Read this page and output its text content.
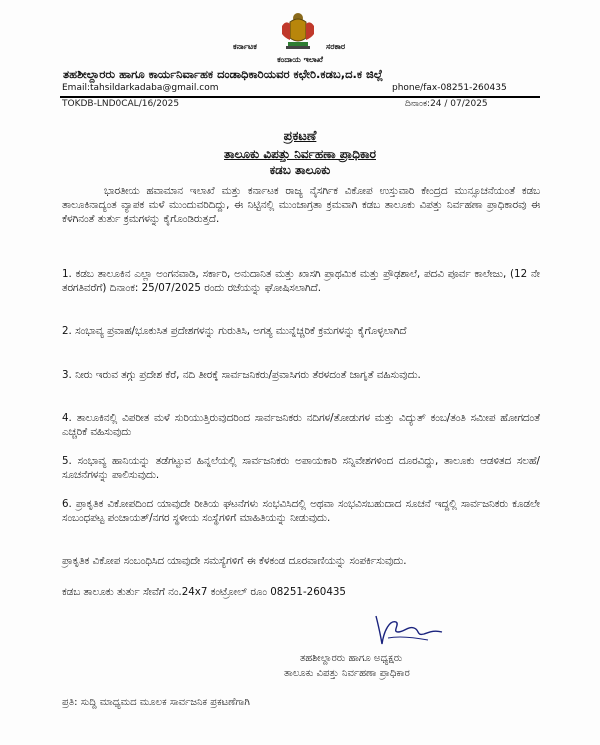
ಕರ್ನಾಟಕ	ಸರಕಾರ
ಕಂದಾಯ ಇಲಾಖೆ
ತಹಶೀಲ್ದಾರರು ಹಾಗೂ ಕಾರ್ಯನಿರ್ವಾಹಕ ದಂಡಾಧಿಕಾರಿಯವರ ಕಛೇರಿ.ಕಡಬ,ದ.ಕ ಜಿಲ್ಲೆ
Email:tahsildarkadaba@gmail.com	phone/fax-08251-260435
TOKDB-LND0CAL/16/2025	ದಿನಾಂಕ:24 / 07/2025
ಪ್ರಕಟಣೆ
ತಾಲೂಕು ವಿಪತ್ತು ನಿರ್ವಹಣಾ ಪ್ರಾಧಿಕಾರ
ಕಡಬ ತಾಲೂಕು
ಭಾರತೀಯ ಹವಾಮಾನ ಇಲಾಖೆ ಮತ್ತು ಕರ್ನಾಟಕ ರಾಜ್ಯ ನೈಸರ್ಗಿಕ ವಿಕೋಪ ಉಸ್ತುವಾರಿ ಕೇಂದ್ರದ ಮುನ್ಸೂಚನೆಯಂತೆ ಕಡಬ ತಾಲೂಕಿನಾದ್ಯಂತ ವ್ಯಾಪಕ ಮಳೆ ಮುಂದುವರಿದಿದ್ದು, ಈ ನಿಟ್ಟಿನಲ್ಲಿ ಮುಂಜಾಗ್ರತಾ ಕ್ರಮವಾಗಿ ಕಡಬ ತಾಲೂಕು ವಿಪತ್ತು ನಿರ್ವಹಣಾ ಪ್ರಾಧಿಕಾರವು ಈ ಕೆಳಗಿನಂತೆ ತುರ್ತು ಕ್ರಮಗಳನ್ನು ಕೈಗೊಂಡಿರುತ್ತದೆ.
1. ಕಡಬ ತಾಲೂಕಿನ ಎಲ್ಲಾ ಅಂಗನವಾಡಿ, ಸರ್ಕಾರಿ, ಅನುದಾನಿತ ಮತ್ತು ಖಾಸಗಿ ಪ್ರಾಥಮಿಕ ಮತ್ತು ಪ್ರೌಢಶಾಲೆ, ಪದವಿ ಪೂರ್ವ ಕಾಲೇಜು, (12 ನೇ ತರಗತಿವರೆಗೆ) ದಿನಾಂಕ: 25/07/2025 ರಂದು ರಜೆಯನ್ನು ಘೋಷಿಸಲಾಗಿದೆ.
2. ಸಂಭಾವ್ಯ ಪ್ರವಾಹ/ಭೂಕುಸಿತ ಪ್ರದೇಶಗಳನ್ನು ಗುರುತಿಸಿ, ಅಗತ್ಯ ಮುನ್ನೆಚ್ಚರಿಕೆ ಕ್ರಮಗಳನ್ನು ಕೈಗೊಳ್ಳಲಾಗಿದೆ
3. ನೀರು ಇರುವ ತಗ್ಗು ಪ್ರದೇಶ ಕೆರೆ, ನದಿ ತೀರಕ್ಕೆ ಸಾರ್ವಜನಿಕರು/ಪ್ರವಾಸಿಗರು ತೆರಳದಂತೆ ಜಾಗೃತೆ ವಹಿಸುವುದು.
4. ತಾಲೂಕಿನಲ್ಲಿ ವಿಪರೀತ ಮಳೆ ಸುರಿಯುತ್ತಿರುವುದರಿಂದ ಸಾರ್ವಜನಿಕರು ನದಿಗಳ/ತೋಡುಗಳ ಮತ್ತು ವಿದ್ಯುತ್ ಕಂಬ/ತಂತಿ ಸಮೀಪ ಹೋಗದಂತೆ ಎಚ್ಚರಿಕೆ ವಹಿಸುವುದು
5. ಸಂಭಾವ್ಯ ಹಾನಿಯನ್ನು ತಡೆಗಟ್ಟುವ ಹಿನ್ನಲೆಯಲ್ಲಿ ಸಾರ್ವಜನಿಕರು ಅಪಾಯಕಾರಿ ಸನ್ನಿವೇಶಗಳಿಂದ ದೂರವಿದ್ದು, ತಾಲೂಕು ಆಡಳಿತದ ಸಲಹೆ/ಸೂಚನೆಗಳನ್ನು ಪಾಲಿಸುವುದು.
6. ಪ್ರಾಕೃತಿಕ ವಿಕೋಪದಿಂದ ಯಾವುದೇ ರೀತಿಯ ಘಟನೆಗಳು ಸಂಭವಿಸಿದಲ್ಲಿ ಅಥವಾ ಸಂಭವಿಸಬಹುದಾದ ಸೂಚನೆ ಇದ್ದಲ್ಲಿ ಸಾರ್ವಜನಿಕರು ಕೂಡಲೇ ಸಂಬಂಧಪಟ್ಟ ಪಂಚಾಯತ್/ನಗರ ಸ್ಥಳೀಯ ಸಂಸ್ಥೆಗಳಿಗೆ ಮಾಹಿತಿಯನ್ನು ನೀಡುವುದು.
ಪ್ರಾಕೃತಿಕ ವಿಕೋಪ ಸಂಬಂಧಿಸಿದ ಯಾವುದೇ ಸಮಸ್ಯೆಗಳಿಗೆ ಈ ಕೆಳಕಂಡ ದೂರವಾಣಿಯನ್ನು ಸಂಪರ್ಕಿಸುವುದು.
ಕಡಬ ತಾಲೂಕು ತುರ್ತು ಸೇವೆಗೆ ನಂ.24x7 ಕಂಟ್ರೋಲ್ ರೂಂ 08251-260435
ತಹಶೀಲ್ದಾರರು ಹಾಗೂ ಅಧ್ಯಕ್ಷರು
ತಾಲೂಕು ವಿಪತ್ತು ನಿರ್ವಹಣಾ ಪ್ರಾಧಿಕಾರ
ಪ್ರತಿ: ಸುದ್ದಿ ಮಾಧ್ಯಮದ ಮೂಲಕ ಸಾರ್ವಜನಿಕ ಪ್ರಕಟಣೆಗಾಗಿ
